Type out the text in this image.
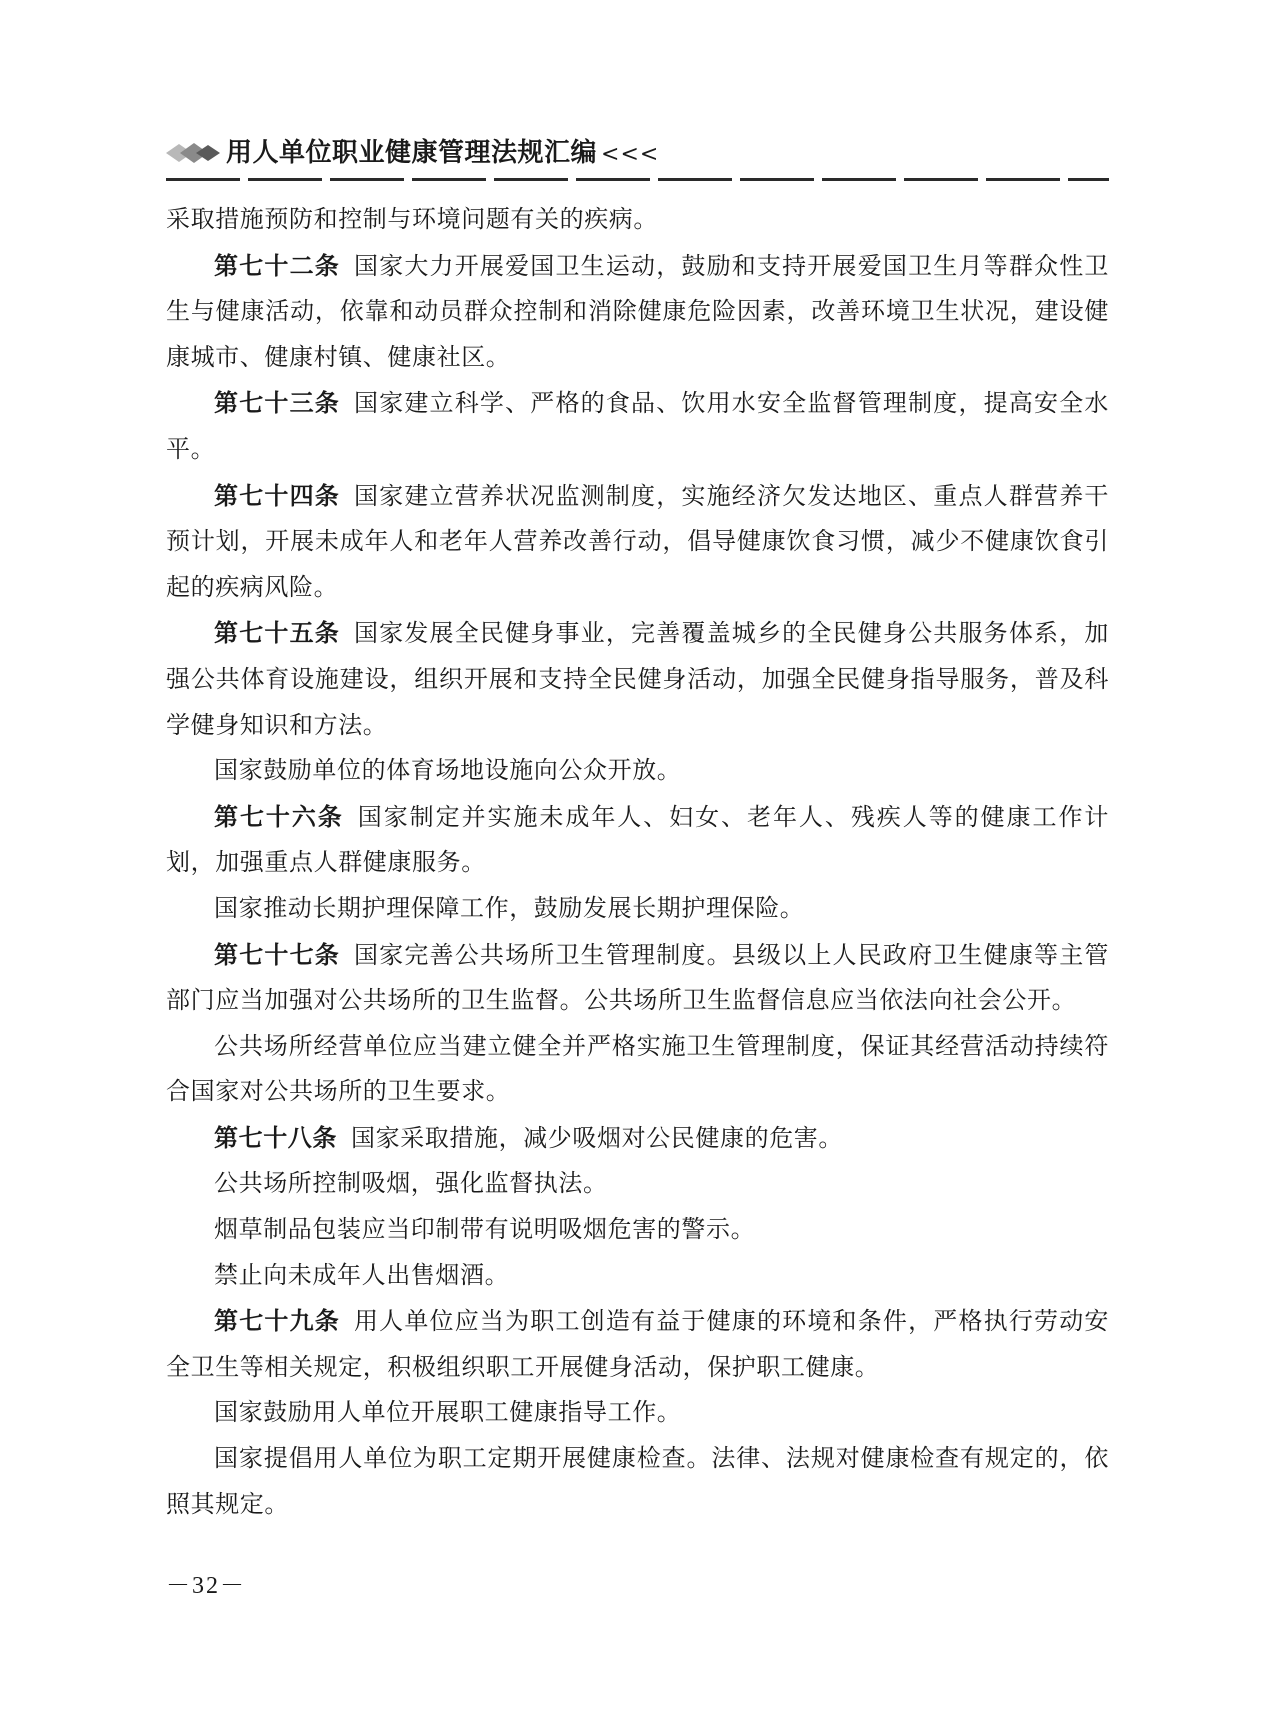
用人单位职业健康管理法规汇编 <<<

采取措施预防和控制与环境问题有关的疾病。

第七十二条 国家大力开展爱国卫生运动，鼓励和支持开展爱国卫生月等群众性卫生与健康活动，依靠和动员群众控制和消除健康危险因素，改善环境卫生状况，建设健康城市、健康村镇、健康社区。

第七十三条 国家建立科学、严格的食品、饮用水安全监督管理制度，提高安全水平。

第七十四条 国家建立营养状况监测制度，实施经济欠发达地区、重点人群营养干预计划，开展未成年人和老年人营养改善行动，倡导健康饮食习惯，减少不健康饮食引起的疾病风险。

第七十五条 国家发展全民健身事业，完善覆盖城乡的全民健身公共服务体系，加强公共体育设施建设，组织开展和支持全民健身活动，加强全民健身指导服务，普及科学健身知识和方法。

国家鼓励单位的体育场地设施向公众开放。

第七十六条 国家制定并实施未成年人、妇女、老年人、残疾人等的健康工作计划，加强重点人群健康服务。

国家推动长期护理保障工作，鼓励发展长期护理保险。

第七十七条 国家完善公共场所卫生管理制度。县级以上人民政府卫生健康等主管部门应当加强对公共场所的卫生监督。公共场所卫生监督信息应当依法向社会公开。

公共场所经营单位应当建立健全并严格实施卫生管理制度，保证其经营活动持续符合国家对公共场所的卫生要求。

第七十八条 国家采取措施，减少吸烟对公民健康的危害。

公共场所控制吸烟，强化监督执法。

烟草制品包装应当印制带有说明吸烟危害的警示。

禁止向未成年人出售烟酒。

第七十九条 用人单位应当为职工创造有益于健康的环境和条件，严格执行劳动安全卫生等相关规定，积极组织职工开展健身活动，保护职工健康。

国家鼓励用人单位开展职工健康指导工作。

国家提倡用人单位为职工定期开展健康检查。法律、法规对健康检查有规定的，依照其规定。

－32－
